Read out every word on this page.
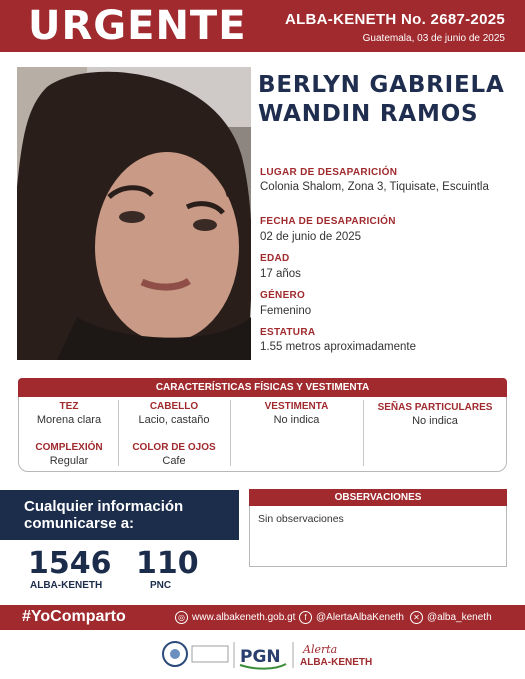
URGENTE	ALBA-KENETH No. 2687-2025
Guatemala, 03 de junio de 2025
BERLYN GABRIELA
WANDIN RAMOS
LUGAR DE DESAPARICIÓN
Colonia Shalom, Zona 3, Tiquisate, Escuintla
FECHA DE DESAPARICIÓN
02 de junio de 2025
EDAD
17 años
GÉNERO
Femenino
ESTATURA
1.55 metros aproximadamente
CARACTERÍSTICAS FÍSICAS Y VESTIMENTA
TEZ
Morena clara
CABELLO
Lacio, castaño
VESTIMENTA
No indica
SEÑAS PARTICULARES
No indica
COMPLEXIÓN
Regular
COLOR DE OJOS
Cafe
Cualquier información
comunicarse a:
1546
ALBA-KENETH
110
PNC
OBSERVACIONES
Sin observaciones
#YoComparto	◎ www.albakeneth.gob.gt	f @AlertaAlbaKeneth	✕ @alba_keneth
PGN Alerta
ALBA-KENETH
